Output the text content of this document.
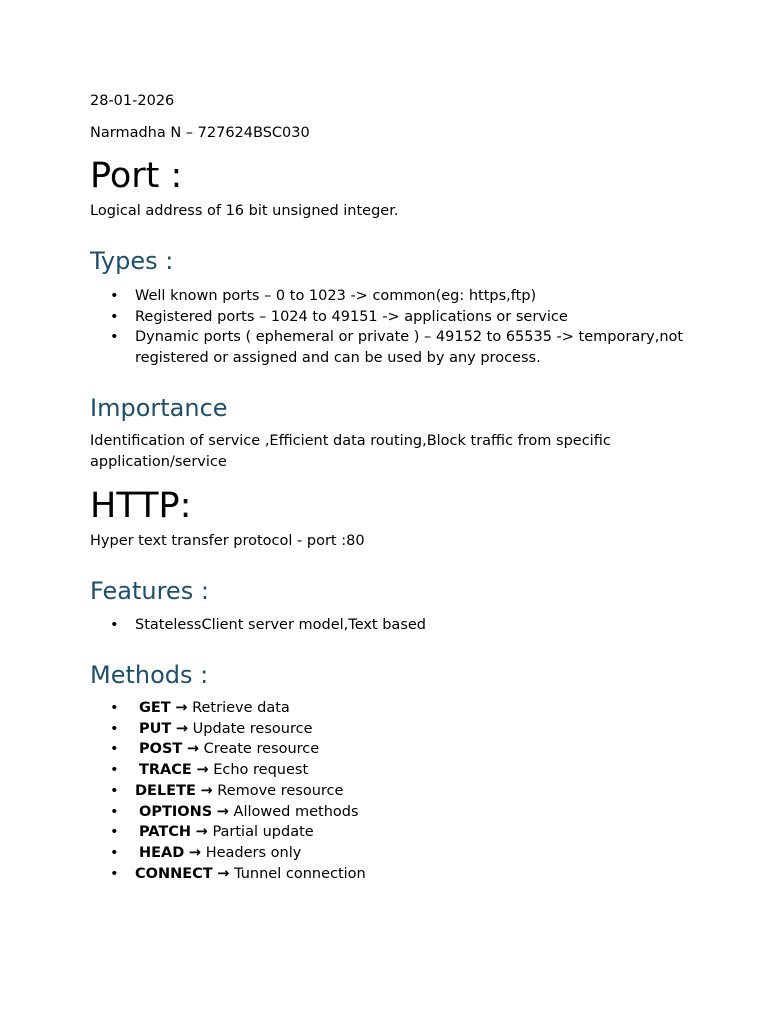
28-01-2026
Narmadha N – 727624BSC030
Port :
Logical address of 16 bit unsigned integer.
Types :
• Well known ports – 0 to 1023 -> common(eg: https,ftp)
• Registered ports – 1024 to 49151 -> applications or service
• Dynamic ports ( ephemeral or private ) – 49152 to 65535 -> temporary,not registered or assigned and can be used by any process.
Importance
Identification of service ,Efficient data routing,Block traffic from specific application/service
HTTP:
Hyper text transfer protocol - port :80
Features :
• StatelessClient server model,Text based
Methods :
• GET → Retrieve data
• PUT → Update resource
• POST → Create resource
• TRACE → Echo request
• DELETE → Remove resource
• OPTIONS → Allowed methods
• PATCH → Partial update
• HEAD → Headers only
• CONNECT → Tunnel connection
